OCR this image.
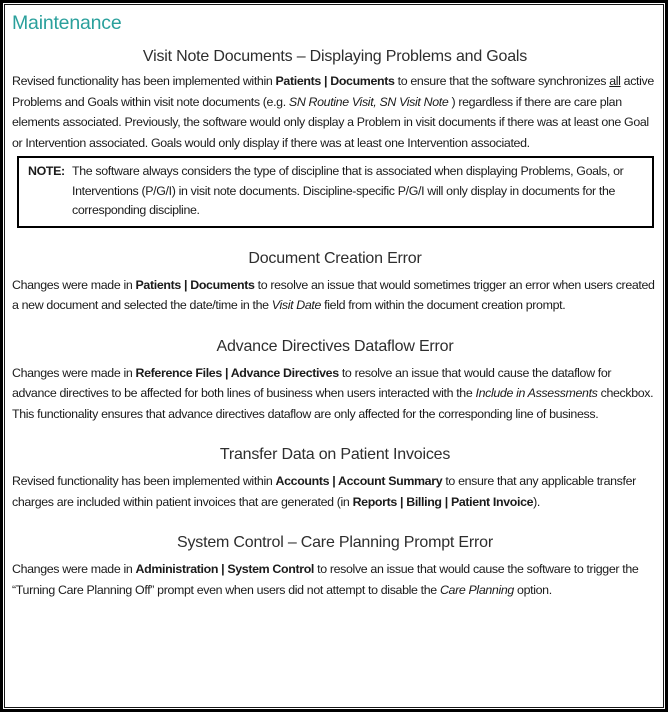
Maintenance
Visit Note Documents – Displaying Problems and Goals

Revised functionality has been implemented within Patients | Documents to ensure that the software synchronizes all active Problems and Goals within visit note documents (e.g. SN Routine Visit, SN Visit Note ) regardless if there are care plan elements associated. Previously, the software would only display a Problem in visit documents if there was at least one Goal or Intervention associated. Goals would only display if there was at least one Intervention associated.

NOTE: The software always considers the type of discipline that is associated when displaying Problems, Goals, or Interventions (P/G/I) in visit note documents. Discipline-specific P/G/I will only display in documents for the corresponding discipline.
Document Creation Error

Changes were made in Patients | Documents to resolve an issue that would sometimes trigger an error when users created a new document and selected the date/time in the Visit Date field from within the document creation prompt.

Advance Directives Dataflow Error

Changes were made in Reference Files | Advance Directives to resolve an issue that would cause the dataflow for advance directives to be affected for both lines of business when users interacted with the Include in Assessments checkbox. This functionality ensures that advance directives dataflow are only affected for the corresponding line of business.

Transfer Data on Patient Invoices

Revised functionality has been implemented within Accounts | Account Summary to ensure that any applicable transfer charges are included within patient invoices that are generated (in Reports | Billing | Patient Invoice).

System Control – Care Planning Prompt Error

Changes were made in Administration | System Control to resolve an issue that would cause the software to trigger the “Turning Care Planning Off” prompt even when users did not attempt to disable the Care Planning option.
